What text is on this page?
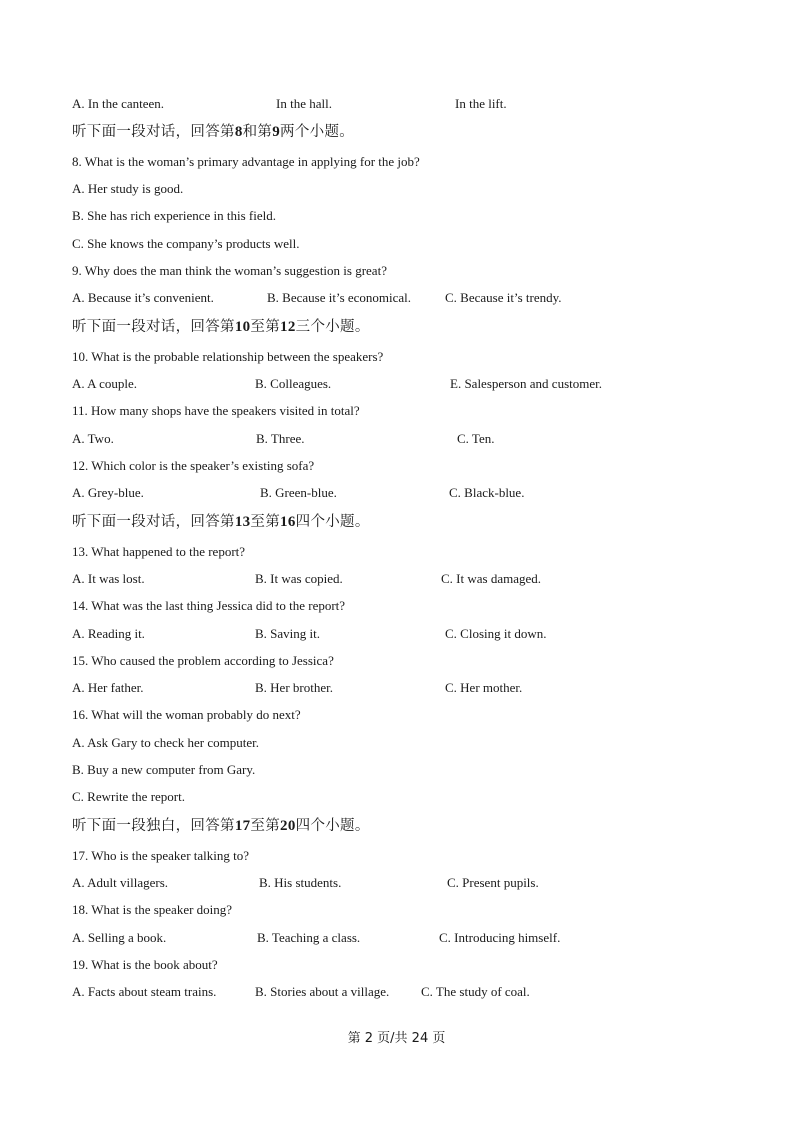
A. In the canteen.	In the hall.	In the lift.
听下面一段对话，回答第8和第9两个小题。
8. What is the woman’s primary advantage in applying for the job?
A. Her study is good.
B. She has rich experience in this field.
C. She knows the company’s products well.
9. Why does the man think the woman’s suggestion is great?
A. Because it’s convenient.	B. Because it’s economical.	C. Because it’s trendy.
听下面一段对话，回答第10至第12三个小题。
10. What is the probable relationship between the speakers?
A. A couple.	B. Colleagues.	E. Salesperson and customer.
11. How many shops have the speakers visited in total?
A. Two.	B. Three.	C. Ten.
12. Which color is the speaker’s existing sofa?
A. Grey-blue.	B. Green-blue.	C. Black-blue.
听下面一段对话，回答第13至第16四个小题。
13. What happened to the report?
A. It was lost.	B. It was copied.	C. It was damaged.
14. What was the last thing Jessica did to the report?
A. Reading it.	B. Saving it.	C. Closing it down.
15. Who caused the problem according to Jessica?
A. Her father.	B. Her brother.	C. Her mother.
16. What will the woman probably do next?
A. Ask Gary to check her computer.
B. Buy a new computer from Gary.
C. Rewrite the report.
听下面一段独白，回答第17至第20四个小题。
17. Who is the speaker talking to?
A. Adult villagers.	B. His students.	C. Present pupils.
18. What is the speaker doing?
A. Selling a book.	B. Teaching a class.	C. Introducing himself.
19. What is the book about?
A. Facts about steam trains.	B. Stories about a village. C. The study of coal.
第 2 页/共 24 页
